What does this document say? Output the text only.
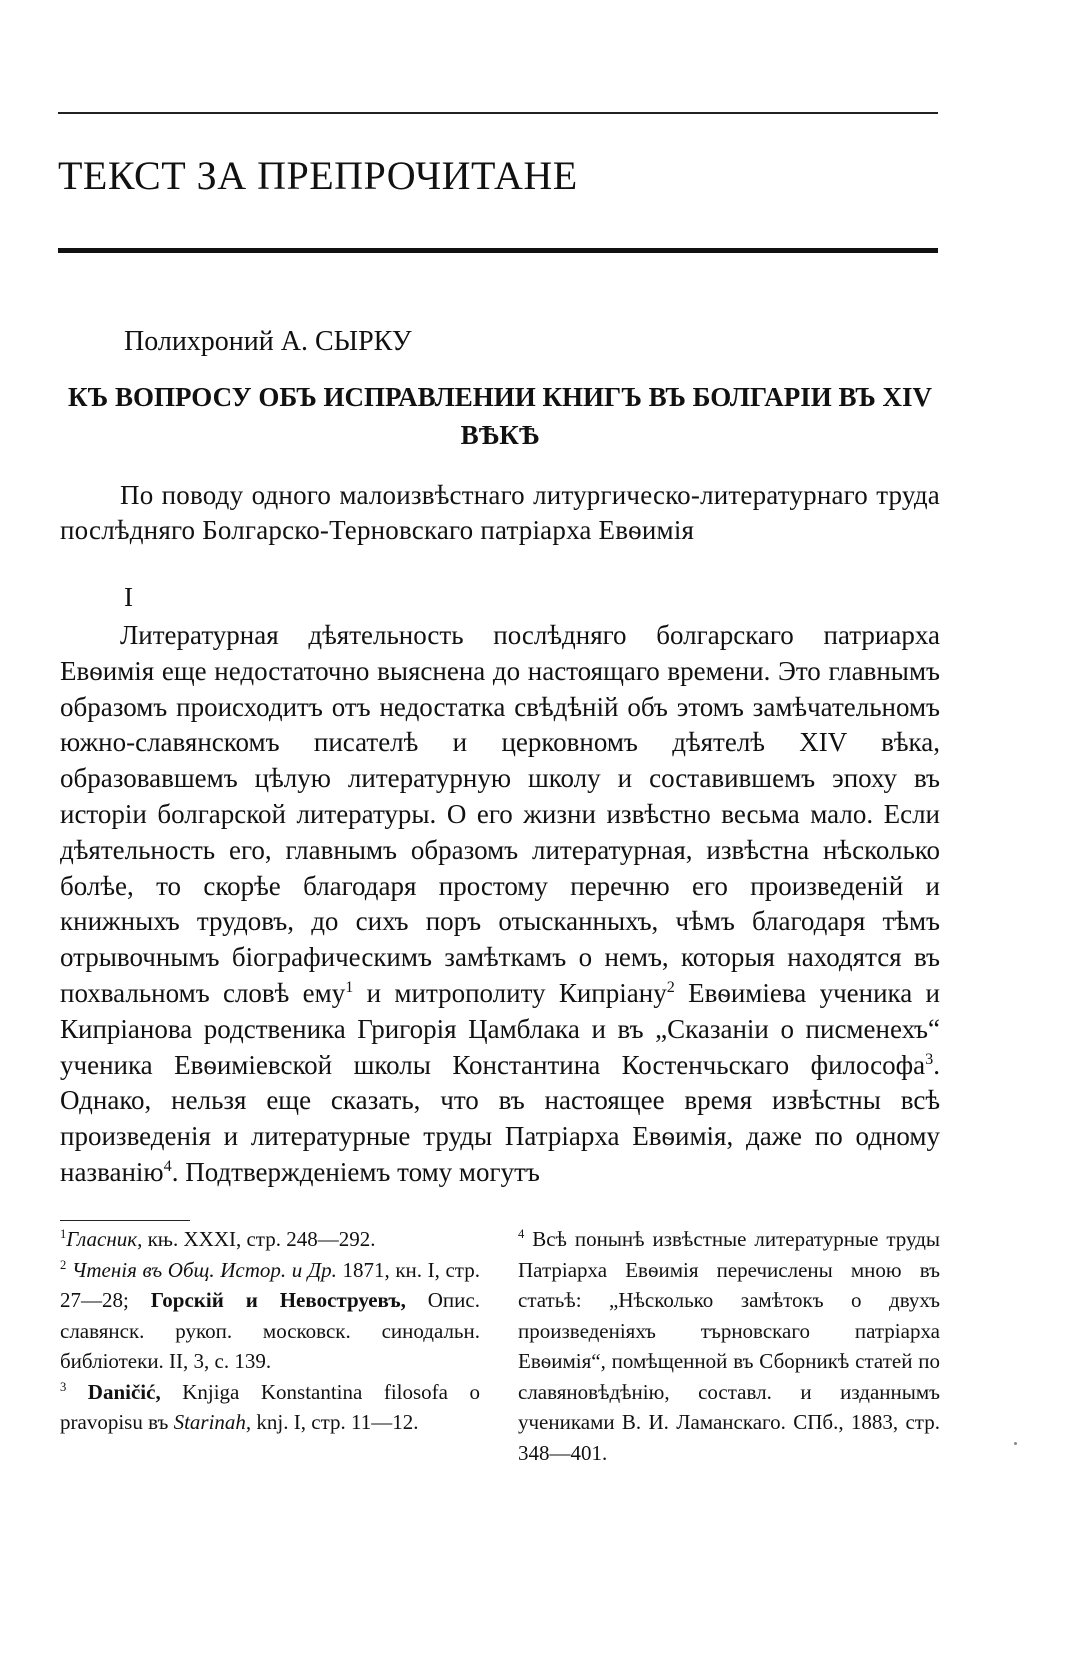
ТЕКСТ ЗА ПРЕПРОЧИТАНЕ

Полихроний А. СЫРКУ

КЪ ВОПРОСУ ОБЪ ИСПРАВЛЕНИИ КНИГЪ ВЪ БОЛГАРIИ ВЪ XIV ВѢКѢ

По поводу одного малоизвѣстнаго литургическо-литературнаго труда послѣдняго Болгарско-Терновскаго патрiарха Евѳимiя

I

Литературная дѣятельность послѣдняго болгарскаго патриарха Евѳимiя еще недостаточно выяснена до настоящаго времени. Это главнымъ образомъ происходитъ отъ недостатка свѣдѣнiй объ этомъ замѣчательномъ южно-славянскомъ писателѣ и церковномъ дѣятелѣ XIV вѣка, образовавшемъ цѣлую литературную школу и составившемъ эпоху въ исторiи болгарской литературы. О его жизни извѣстно весьма мало. Если дѣятельность его, главнымъ образомъ литературная, извѣстна нѣсколько болѣе, то скорѣе благодаря простому перечню его произведенiй и книжныхъ трудовъ, до сихъ поръ отысканныхъ, чѣмъ благодаря тѣмъ отрывочнымъ бiографическимъ замѣткамъ о немъ, которыя находятся въ похвальномъ словѣ ему$^1$ и митрополиту Кипрiану$^2$ Евѳимiева ученика и Кипрiанова родственика Григорiя Цамблака и въ „Сказанiи о писменехъ“ ученика Евѳимiевской школы Константина Костенчьскаго философа$^3$. Однако, нельзя еще сказать, что въ настоящее время извѣстны всѣ произведенiя и литературные труды Патрiарха Евѳимiя, даже по одному названiю$^4$. Подтвержденiемъ тому могутъ

$^1$Гласник, књ. XXXI, стр. 248—292.

$^2$ Чтенiя въ Общ. Истор. и Др. 1871, кн. I, стр. 27—28; Горскiй и Невоструевъ, Опис. славянск. рукоп. московск. синодальн. библiотеки. II, 3, с. 139.

$^3$ Daničić, Knjiga Konstantina filosofa o pravopisu въ Starinah, knj. I, стр. 11—12.

$^4$ Всѣ понынѣ извѣстные литературные труды Патрiарха Евѳимiя перечислены мною въ статьѣ: „Нѣсколько замѣтокъ о двухъ произведенiяхъ търновскаго патрiарха Евѳимiя“, помѣщенной въ Сборникѣ статей по славяновѣдѣнiю, составл. и изданнымъ учениками В. И. Ламанскаго. СПб., 1883, стр. 348—401.
